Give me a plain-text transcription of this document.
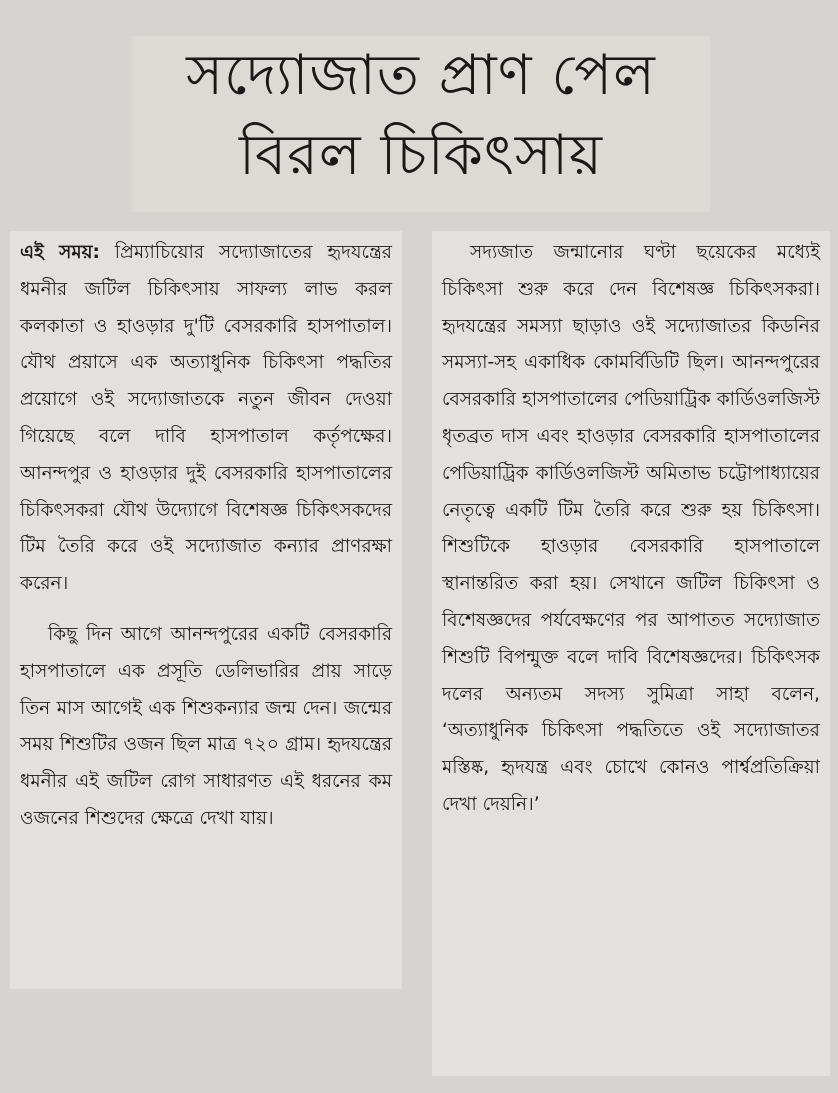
সদ্যোজাত প্রাণ পেল
বিরল চিকিৎসায়

এই সময়: প্রিম্যাচিয়োর সদ্যোজাতের হৃদযন্ত্রের ধমনীর জটিল চিকিৎসায় সাফল্য লাভ করল কলকাতা ও হাওড়ার দু'টি বেসরকারি হাসপাতাল। যৌথ প্রয়াসে এক অত্যাধুনিক চিকিৎসা পদ্ধতির প্রয়োগে ওই সদ্যোজাতকে নতুন জীবন দেওয়া গিয়েছে বলে দাবি হাসপাতাল কর্তৃপক্ষের। আনন্দপুর ও হাওড়ার দুই বেসরকারি হাসপাতালের চিকিৎসকরা যৌথ উদ্যোগে বিশেষজ্ঞ চিকিৎসকদের টিম তৈরি করে ওই সদ্যোজাত কন্যার প্রাণরক্ষা করেন।

কিছু দিন আগে আনন্দপুরের একটি বেসরকারি হাসপাতালে এক প্রসূতি ডেলিভারির প্রায় সাড়ে তিন মাস আগেই এক শিশুকন্যার জন্ম দেন। জন্মের সময় শিশুটির ওজন ছিল মাত্র ৭২০ গ্রাম। হৃদযন্ত্রের ধমনীর এই জটিল রোগ সাধারণত এই ধরনের কম ওজনের শিশুদের ক্ষেত্রে দেখা যায়।

সদ্যজাত জন্মানোর ঘণ্টা ছয়েকের মধ্যেই চিকিৎসা শুরু করে দেন বিশেষজ্ঞ চিকিৎসকরা। হৃদযন্ত্রের সমস্যা ছাড়াও ওই সদ্যোজাতর কিডনির সমস্যা-সহ একাধিক কোমর্বিডিটি ছিল। আনন্দপুরের বেসরকারি হাসপাতালের পেডিয়াট্রিক কার্ডিওলজিস্ট ধৃতব্রত দাস এবং হাওড়ার বেসরকারি হাসপাতালের পেডিয়াট্রিক কার্ডিওলজিস্ট অমিতাভ চট্টোপাধ্যায়ের নেতৃত্বে একটি টিম তৈরি করে শুরু হয় চিকিৎসা। শিশুটিকে হাওড়ার বেসরকারি হাসপাতালে স্থানান্তরিত করা হয়। সেখানে জটিল চিকিৎসা ও বিশেষজ্ঞদের পর্যবেক্ষণের পর আপাতত সদ্যোজাত শিশুটি বিপন্মুক্ত বলে দাবি বিশেষজ্ঞদের। চিকিৎসক দলের অন্যতম সদস্য সুমিত্রা সাহা বলেন, ‘অত্যাধুনিক চিকিৎসা পদ্ধতিতে ওই সদ্যোজাতর মস্তিষ্ক, হৃদযন্ত্র এবং চোখে কোনও পার্শ্বপ্রতিক্রিয়া দেখা দেয়নি।’
